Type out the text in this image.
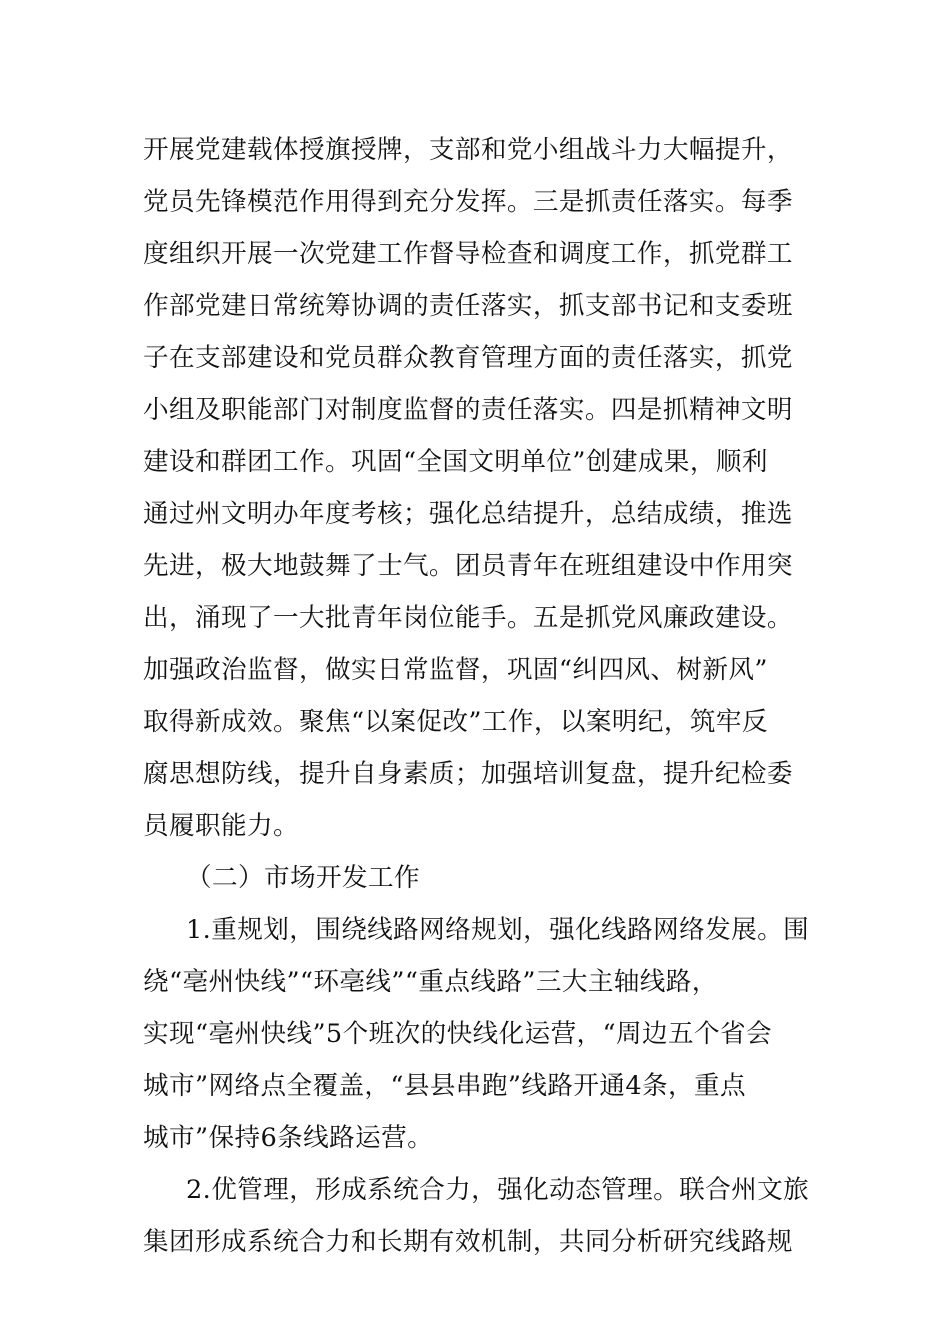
开展党建载体授旗授牌，支部和党小组战斗力大幅提升，
党员先锋模范作用得到充分发挥。三是抓责任落实。每季
度组织开展一次党建工作督导检查和调度工作，抓党群工
作部党建日常统筹协调的责任落实，抓支部书记和支委班
子在支部建设和党员群众教育管理方面的责任落实，抓党
小组及职能部门对制度监督的责任落实。四是抓精神文明
建设和群团工作。巩固“全国文明单位”创建成果，顺利
通过州文明办年度考核；强化总结提升，总结成绩，推选
先进，极大地鼓舞了士气。团员青年在班组建设中作用突
出，涌现了一大批青年岗位能手。五是抓党风廉政建设。
加强政治监督，做实日常监督，巩固“纠四风、树新风”
取得新成效。聚焦“以案促改”工作，以案明纪，筑牢反
腐思想防线，提升自身素质；加强培训复盘，提升纪检委
员履职能力。
（二）市场开发工作
1.重规划，围绕线路网络规划，强化线路网络发展。围
绕“亳州快线”“环亳线”“重点线路”三大主轴线路，
实现“亳州快线”5个班次的快线化运营，“周边五个省会
城市”网络点全覆盖，“县县串跑”线路开通4条，重点
城市”保持6条线路运营。
2.优管理，形成系统合力，强化动态管理。联合州文旅
集团形成系统合力和长期有效机制，共同分析研究线路规
